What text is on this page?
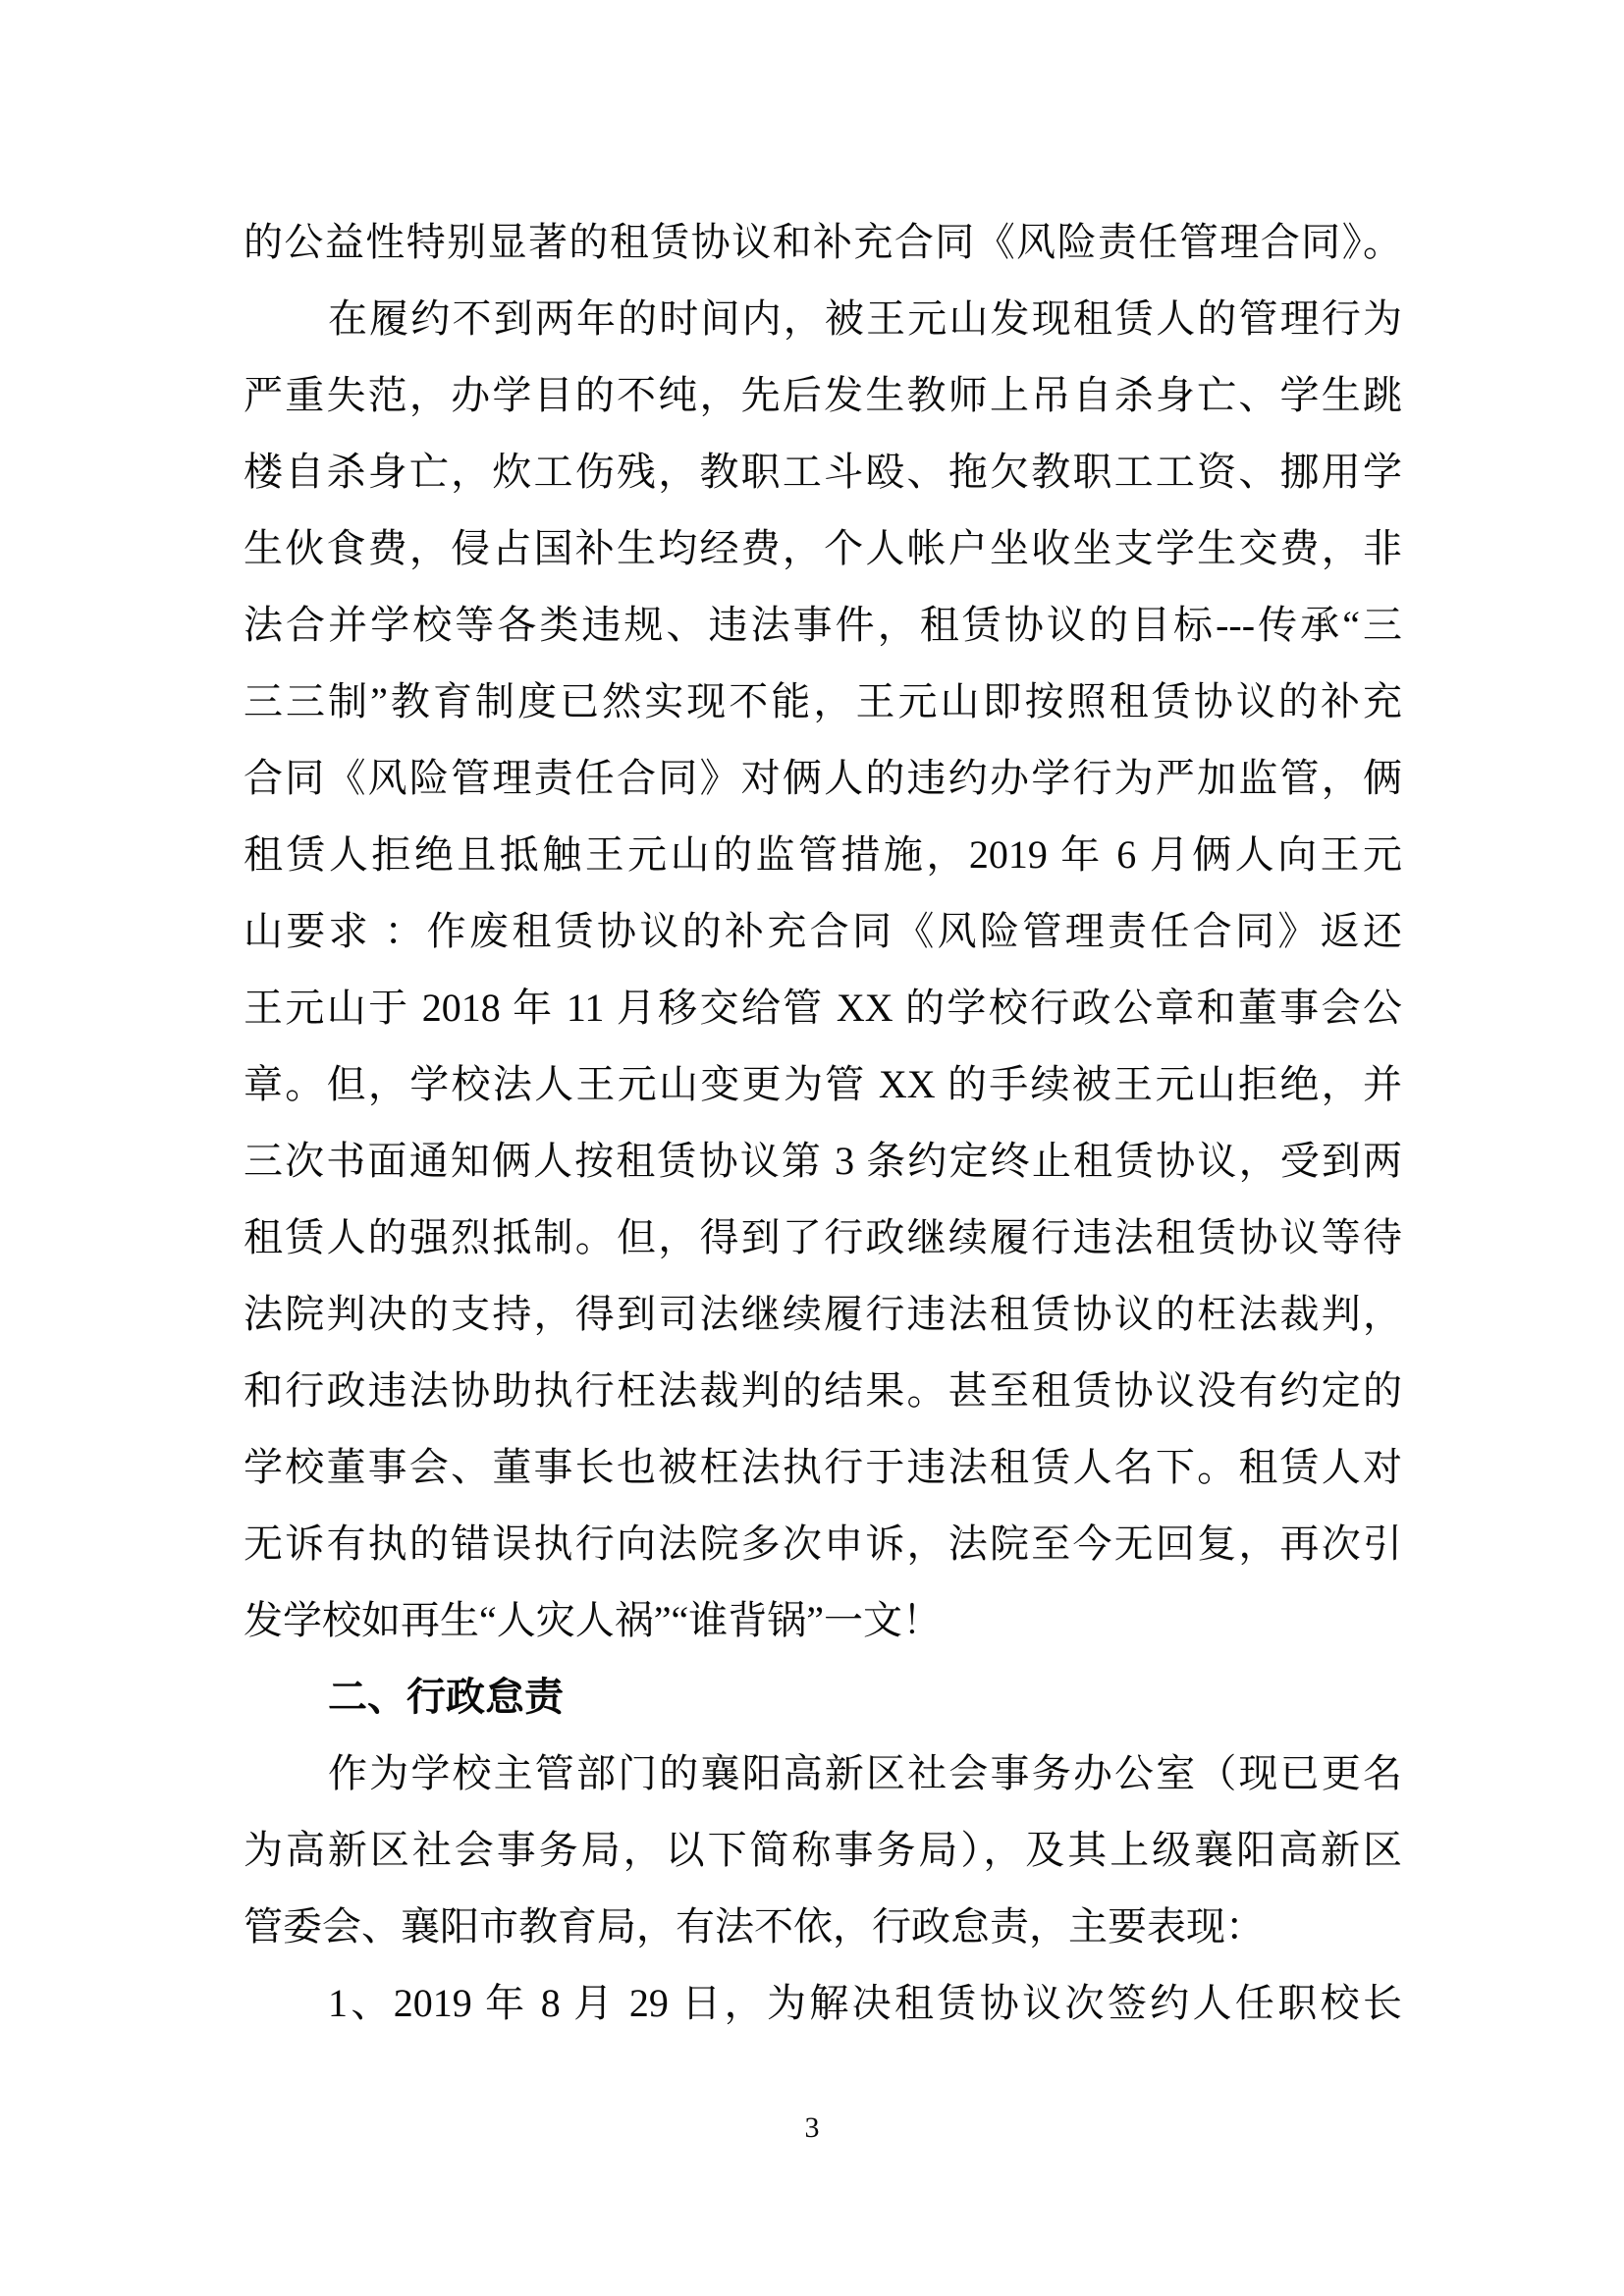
的公益性特别显著的租赁协议和补充合同《风险责任管理合同》。
在履约不到两年的时间内，被王元山发现租赁人的管理行为
严重失范，办学目的不纯，先后发生教师上吊自杀身亡、学生跳
楼自杀身亡，炊工伤残，教职工斗殴、拖欠教职工工资、挪用学
生伙食费，侵占国补生均经费，个人帐户坐收坐支学生交费，非
法合并学校等各类违规、违法事件，租赁协议的目标---传承“三
三三制”教育制度已然实现不能，王元山即按照租赁协议的补充
合同《风险管理责任合同》对俩人的违约办学行为严加监管，俩
租赁人拒绝且抵触王元山的监管措施，2019 年 6 月俩人向王元
山要求 ：作废租赁协议的补充合同《风险管理责任合同》返还
王元山于 2018 年 11 月移交给管 XX 的学校行政公章和董事会公
章。但，学校法人王元山变更为管 XX 的手续被王元山拒绝，并
三次书面通知俩人按租赁协议第 3 条约定终止租赁协议，受到两
租赁人的强烈抵制。但，得到了行政继续履行违法租赁协议等待
法院判决的支持，得到司法继续履行违法租赁协议的枉法裁判，
和行政违法协助执行枉法裁判的结果。甚至租赁协议没有约定的
学校董事会、董事长也被枉法执行于违法租赁人名下。租赁人对
无诉有执的错误执行向法院多次申诉，法院至今无回复，再次引
发学校如再生“人灾人祸”“谁背锅”一文！
二、行政怠责
作为学校主管部门的襄阳高新区社会事务办公室（现已更名
为高新区社会事务局，以下简称事务局），及其上级襄阳高新区
管委会、襄阳市教育局，有法不依，行政怠责，主要表现：
1、2019 年 8 月 29 日，为解决租赁协议次签约人任职校长
3
